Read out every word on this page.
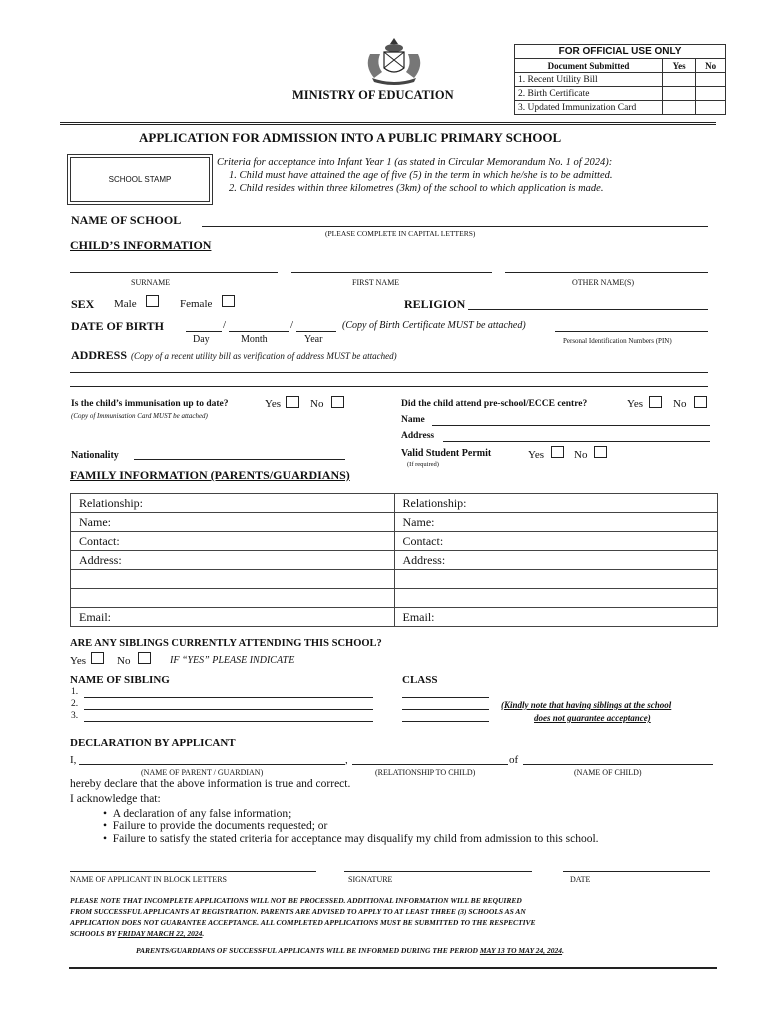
MINISTRY OF EDUCATION
FOR OFFICIAL USE ONLY		
Document Submitted	Yes	No
1. Recent Utility Bill		
2. Birth Certificate		
3. Updated Immunization Card		
APPLICATION FOR ADMISSION INTO A PUBLIC PRIMARY SCHOOL
SCHOOL STAMP
Criteria for acceptance into Infant Year 1 (as stated in Circular Memorandum No. 1 of 2024):
1. Child must have attained the age of five (5) in the term in which he/she is to be admitted.
2. Child resides within three kilometres (3km) of the school to which application is made.
NAME OF SCHOOL
(PLEASE COMPLETE IN CAPITAL LETTERS)
CHILD’S INFORMATION
SURNAME	FIRST NAME	OTHER NAME(S)
SEX Male	Female	RELIGION
DATE OF BIRTH	/	/	(Copy of Birth Certificate MUST be attached)
Day	Month	Year	Personal Identification Numbers (PIN)
ADDRESS (Copy of a recent utility bill as verification of address MUST be attached)
Is the child’s immunisation up to date?	Yes	No
(Copy of Immunisation Card MUST be attached)
Did the child attend pre-school/ECCE centre?	Yes	No
Name
Address
Nationality	Valid Student Permit	Yes	No
(If required)
FAMILY INFORMATION (PARENTS/GUARDIANS)
Relationship:	Relationship:
Name:	Name:
Contact:	Contact:
Address:	Address:

Email:	Email:
ARE ANY SIBLINGS CURRENTLY ATTENDING THIS SCHOOL?
Yes	No	IF “YES” PLEASE INDICATE
NAME OF SIBLING	CLASS
1.
2.
3.
(Kindly note that having siblings at the school
does not guarantee acceptance)
DECLARATION BY APPLICANT
I,	,	of
(NAME OF PARENT / GUARDIAN)	(RELATIONSHIP TO CHILD)	(NAME OF CHILD)
hereby declare that the above information is true and correct.
I acknowledge that:
•  A declaration of any false information;
•  Failure to provide the documents requested; or
•  Failure to satisfy the stated criteria for acceptance may disqualify my child from admission to this school.
NAME OF APPLICANT IN BLOCK LETTERS	SIGNATURE	DATE
PLEASE NOTE THAT INCOMPLETE APPLICATIONS WILL NOT BE PROCESSED. ADDITIONAL INFORMATION WILL BE REQUIRED
FROM SUCCESSFUL APPLICANTS AT REGISTRATION. PARENTS ARE ADVISED TO APPLY TO AT LEAST THREE (3) SCHOOLS AS AN
APPLICATION DOES NOT GUARANTEE ACCEPTANCE. ALL COMPLETED APPLICATIONS MUST BE SUBMITTED TO THE RESPECTIVE
SCHOOLS BY FRIDAY MARCH 22, 2024.
PARENTS/GUARDIANS OF SUCCESSFUL APPLICANTS WILL BE INFORMED DURING THE PERIOD MAY 13 TO MAY 24, 2024.
